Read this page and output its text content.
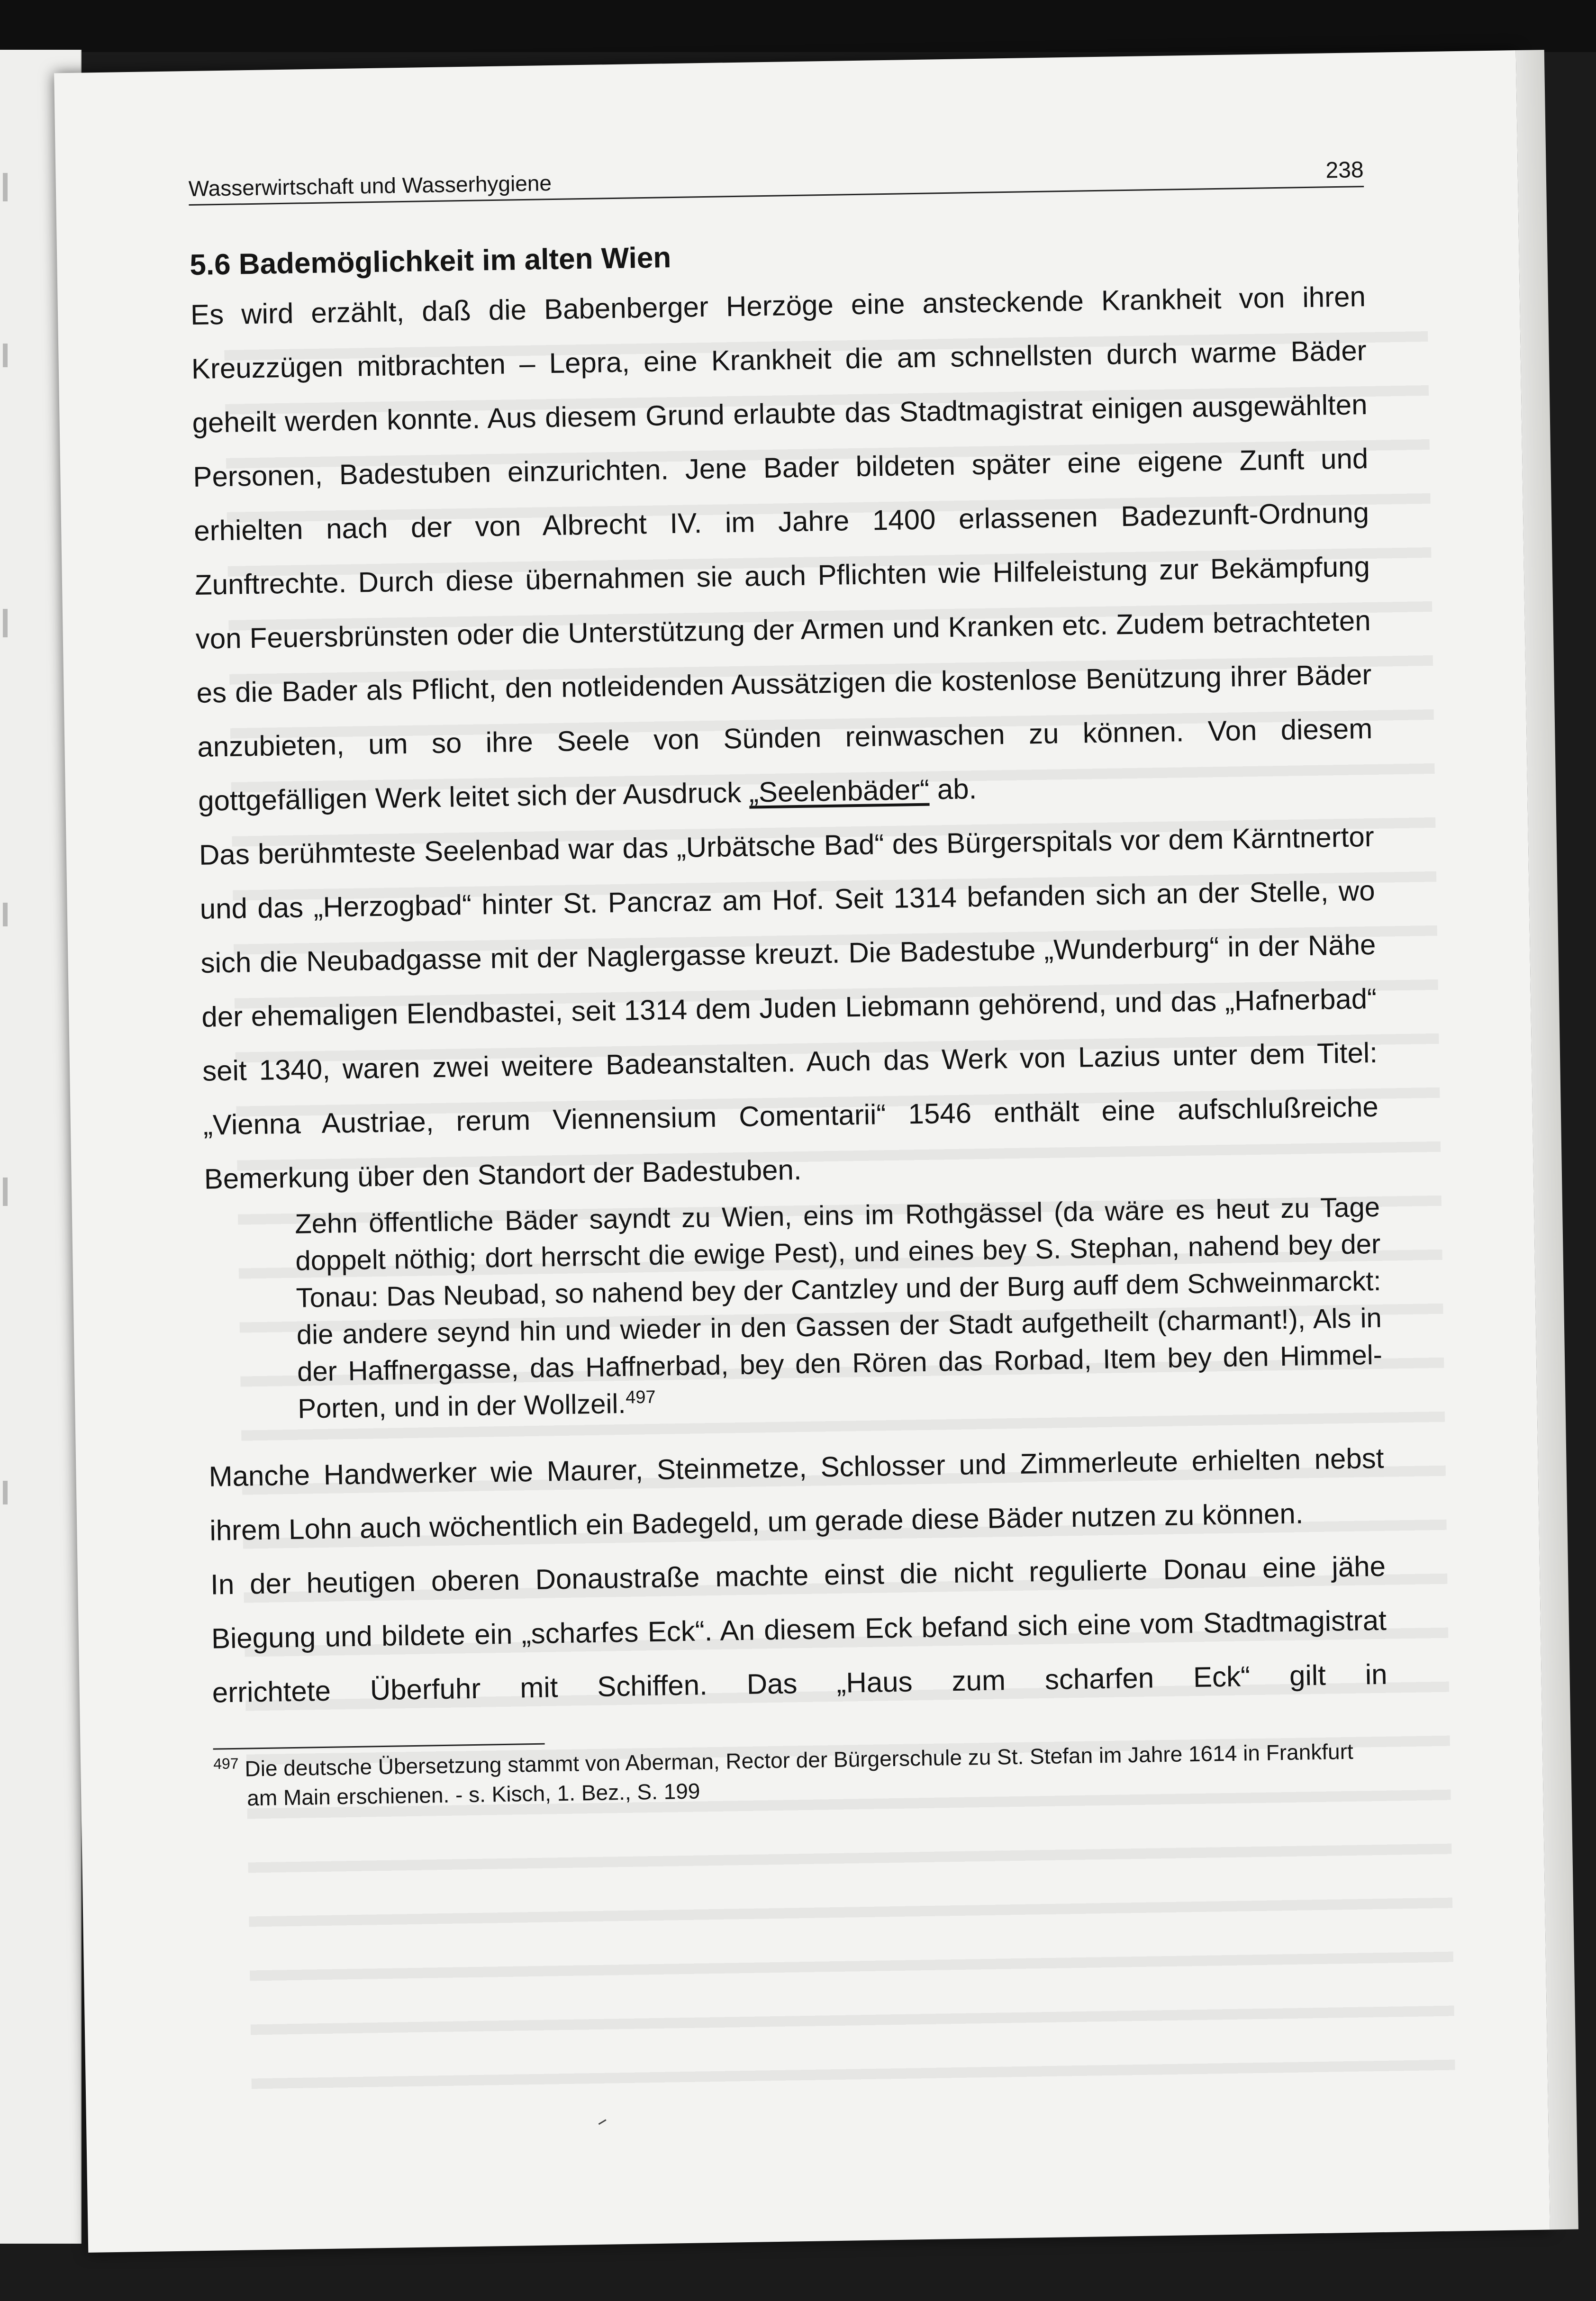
Wasserwirtschaft und Wasserhygiene
238
5.6 Bademöglichkeit im alten Wien

Es wird erzählt, daß die Babenberger Herzöge eine ansteckende Krankheit von ihren Kreuzzügen mitbrachten – Lepra, eine Krankheit die am schnellsten durch warme Bäder geheilt werden konnte. Aus diesem Grund erlaubte das Stadtmagistrat einigen ausgewählten Personen, Badestuben einzurichten. Jene Bader bildeten später eine eigene Zunft und erhielten nach der von Albrecht IV. im Jahre 1400 erlassenen Badezunft-Ordnung Zunftrechte. Durch diese übernahmen sie auch Pflichten wie Hilfeleistung zur Bekämpfung von Feuersbrünsten oder die Unterstützung der Armen und Kranken etc. Zudem betrachteten es die Bader als Pflicht, den notleidenden Aussätzigen die kostenlose Benützung ihrer Bäder anzubieten, um so ihre Seele von Sünden reinwaschen zu können. Von diesem gottgefälligen Werk leitet sich der Ausdruck „Seelenbäder“ ab.

Das berühmteste Seelenbad war das „Urbätsche Bad“ des Bürgerspitals vor dem Kärntnertor und das „Herzogbad“ hinter St. Pancraz am Hof. Seit 1314 befanden sich an der Stelle, wo sich die Neubadgasse mit der Naglergasse kreuzt. Die Badestube „Wunderburg“ in der Nähe der ehemaligen Elendbastei, seit 1314 dem Juden Liebmann gehörend, und das „Hafnerbad“ seit 1340, waren zwei weitere Badeanstalten. Auch das Werk von Lazius unter dem Titel: „Vienna Austriae, rerum Viennensium Comentarii“ 1546 enthält eine aufschlußreiche Bemerkung über den Standort der Badestuben.

Zehn öffentliche Bäder sayndt zu Wien, eins im Rothgässel (da wäre es heut zu Tage doppelt nöthig; dort herrscht die ewige Pest), und eines bey S. Stephan, nahend bey der Tonau: Das Neubad, so nahend bey der Cantzley und der Burg auff dem Schweinmarckt: die andere seynd hin und wieder in den Gassen der Stadt aufgetheilt (charmant!), Als in der Haffnergasse, das Haffnerbad, bey den Rören das Rorbad, Item bey den Himmel-Porten, und in der Wollzeil.$^{497}$

Manche Handwerker wie Maurer, Steinmetze, Schlosser und Zimmerleute erhielten nebst ihrem Lohn auch wöchentlich ein Badegeld, um gerade diese Bäder nutzen zu können.

In der heutigen oberen Donaustraße machte einst die nicht regulierte Donau eine jähe Biegung und bildete ein „scharfes Eck“. An diesem Eck befand sich eine vom Stadtmagistrat errichtete Überfuhr mit Schiffen. Das „Haus zum scharfen Eck“ gilt in

$^{497}$ Die deutsche Übersetzung stammt von Aberman, Rector der Bürgerschule zu St. Stefan im Jahre 1614 in Frankfurt am Main erschienen. - s. Kisch, 1. Bez., S. 199
